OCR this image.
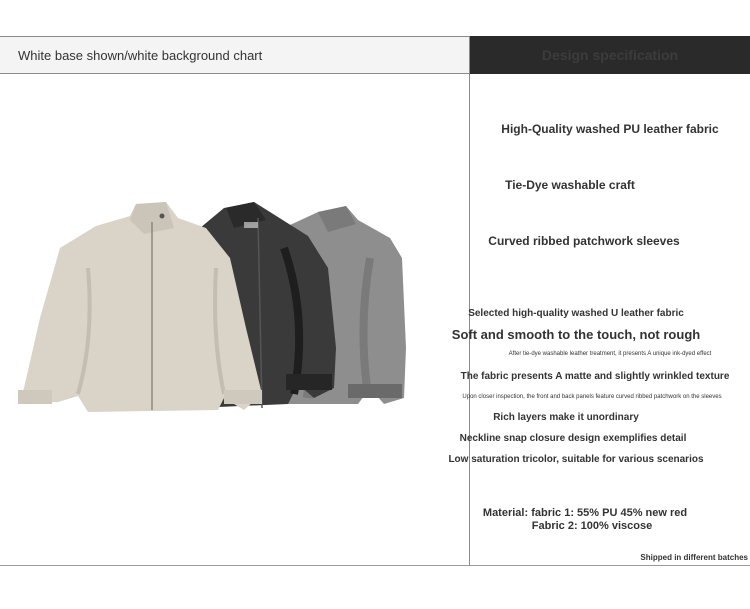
White base shown/white background chart	Design specification
High-Quality washed PU leather fabric
Tie-Dye washable craft
Curved ribbed patchwork sleeves
Selected high-quality washed U leather fabric
Soft and smooth to the touch, not rough
After tie-dye washable leather treatment, it presents A unique ink-dyed effect
The fabric presents A matte and slightly wrinkled texture
Upon closer inspection, the front and back panels feature curved ribbed patchwork on the sleeves
Rich layers make it unordinary
Neckline snap closure design exemplifies detail
Low saturation tricolor, suitable for various scenarios
Material: fabric 1: 55% PU 45% new red
Fabric 2: 100% viscose
Shipped in different batches
